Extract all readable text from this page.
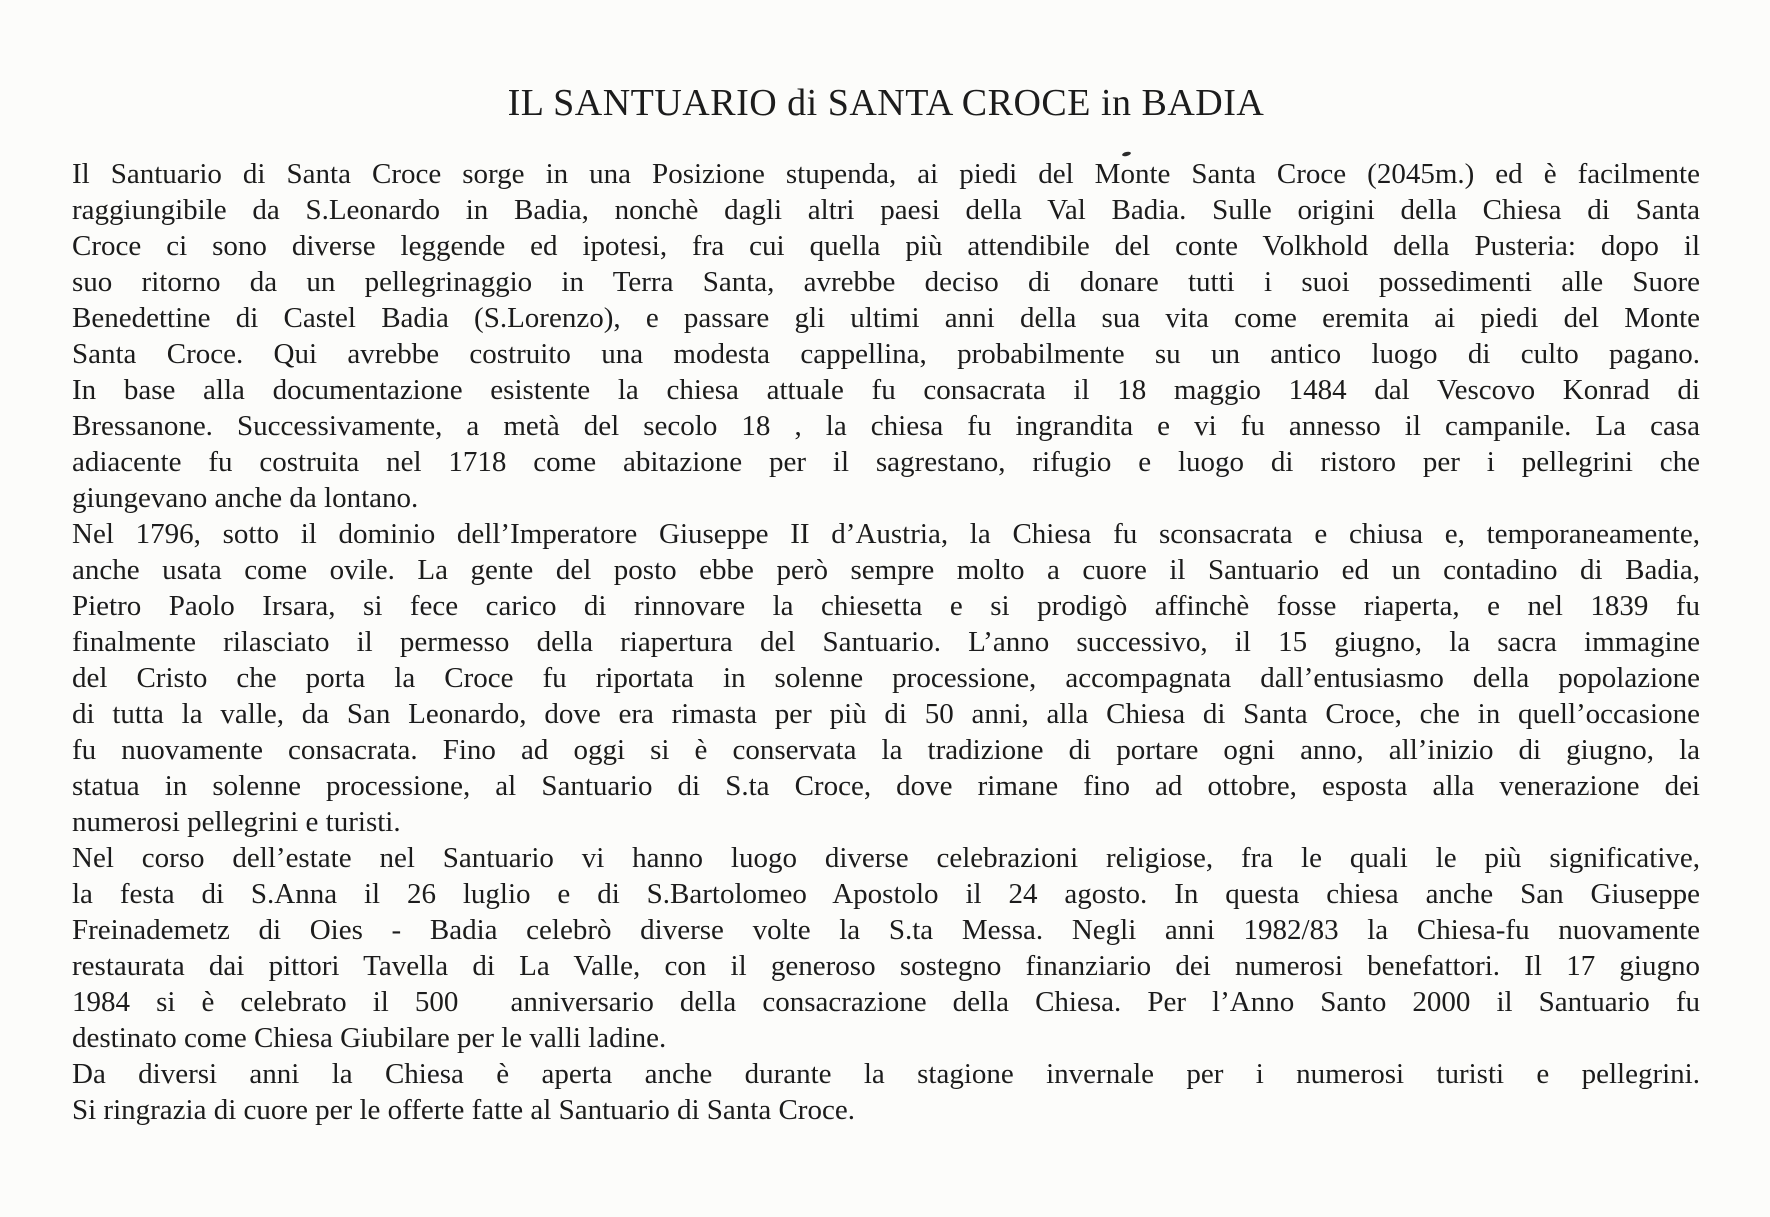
IL SANTUARIO di SANTA CROCE in BADIA
Il Santuario di Santa Croce sorge in una Posizione stupenda, ai piedi del Monte Santa Croce (2045m.) ed è facilmente
raggiungibile da S.Leonardo in Badia, nonchè dagli altri paesi della Val Badia. Sulle origini della Chiesa di Santa
Croce ci sono diverse leggende ed ipotesi, fra cui quella più attendibile del conte Volkhold della Pusteria: dopo il
suo ritorno da un pellegrinaggio in Terra Santa, avrebbe deciso di donare tutti i suoi possedimenti alle Suore
Benedettine di Castel Badia (S.Lorenzo), e passare gli ultimi anni della sua vita come eremita ai piedi del Monte
Santa Croce. Qui avrebbe costruito una modesta cappellina, probabilmente su un antico luogo di culto pagano.
In base alla documentazione esistente la chiesa attuale fu consacrata il 18 maggio 1484 dal Vescovo Konrad di
Bressanone. Successivamente, a metà del secolo 18 , la chiesa fu ingrandita e vi fu annesso il campanile. La casa
adiacente fu costruita nel 1718 come abitazione per il sagrestano, rifugio e luogo di ristoro per i pellegrini che
giungevano anche da lontano.
Nel 1796, sotto il dominio dell’Imperatore Giuseppe II d’Austria, la Chiesa fu sconsacrata e chiusa e, temporaneamente,
anche usata come ovile. La gente del posto ebbe però sempre molto a cuore il Santuario ed un contadino di Badia,
Pietro Paolo Irsara, si fece carico di rinnovare la chiesetta e si prodigò affinchè fosse riaperta, e nel 1839 fu
finalmente rilasciato il permesso della riapertura del Santuario. L’anno successivo, il 15 giugno, la sacra immagine
del Cristo che porta la Croce fu riportata in solenne processione, accompagnata dall’entusiasmo della popolazione
di tutta la valle, da San Leonardo, dove era rimasta per più di 50 anni, alla Chiesa di Santa Croce, che in quell’occasione
fu nuovamente consacrata. Fino ad oggi si è conservata la tradizione di portare ogni anno, all’inizio di giugno, la
statua in solenne processione, al Santuario di S.ta Croce, dove rimane fino ad ottobre, esposta alla venerazione dei
numerosi pellegrini e turisti.
Nel corso dell’estate nel Santuario vi hanno luogo diverse celebrazioni religiose, fra le quali le più significative,
la festa di S.Anna il 26 luglio e di S.Bartolomeo Apostolo il 24 agosto. In questa chiesa anche San Giuseppe
Freinademetz di Oies - Badia celebrò diverse volte la S.ta Messa. Negli anni 1982/83 la Chiesa-fu nuovamente
restaurata dai pittori Tavella di La Valle, con il generoso sostegno finanziario dei numerosi benefattori. Il 17 giugno
1984 si è celebrato il 500  anniversario della consacrazione della Chiesa. Per l’Anno Santo 2000 il Santuario fu
destinato come Chiesa Giubilare per le valli ladine.
Da diversi anni la Chiesa è aperta anche durante la stagione invernale per i numerosi turisti e pellegrini.
Si ringrazia di cuore per le offerte fatte al Santuario di Santa Croce.
